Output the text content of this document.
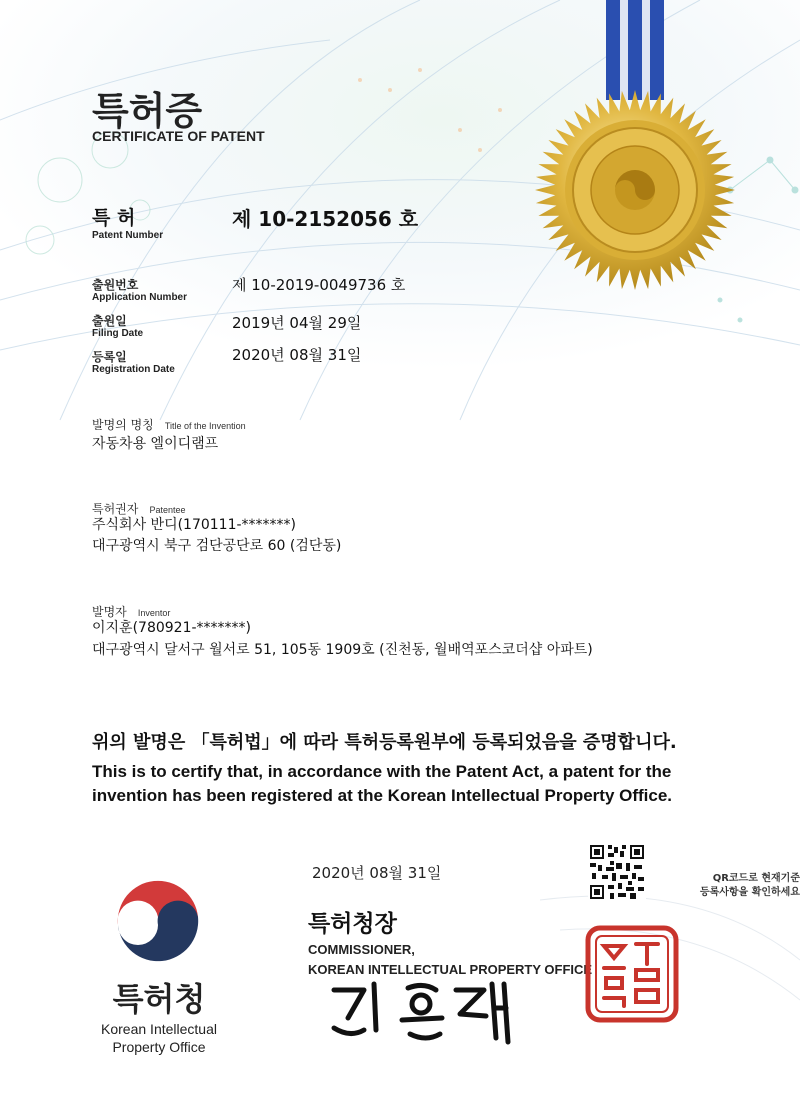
특허증
CERTIFICATE OF PATENT
특 허
Patent Number
제 10-2152056 호
출원번호
Application Number
제 10-2019-0049736 호
출원일
Filing Date
2019년 04월 29일
등록일
Registration Date
2020년 08월 31일
발명의 명칭 Title of the Invention
자동차용 엘이디램프
특허권자 Patentee
주식회사 반디(170111-*******)
대구광역시 북구 검단공단로 60 (검단동)
발명자 Inventor
이지훈(780921-*******)
대구광역시 달서구 월서로 51, 105동 1909호 (진천동, 월배역포스코더샵 아파트)
위의 발명은 「특허법」에 따라 특허등록원부에 등록되었음을 증명합니다.
This is to certify that, in accordance with the Patent Act, a patent for the
invention has been registered at the Korean Intellectual Property Office.
2020년 08월 31일	QR코드로 현재기준
등록사항을 확인하세요
특허청장
COMMISSIONER,
KOREAN INTELLECTUAL PROPERTY OFFICE
특허청
Korean Intellectual
Property Office
